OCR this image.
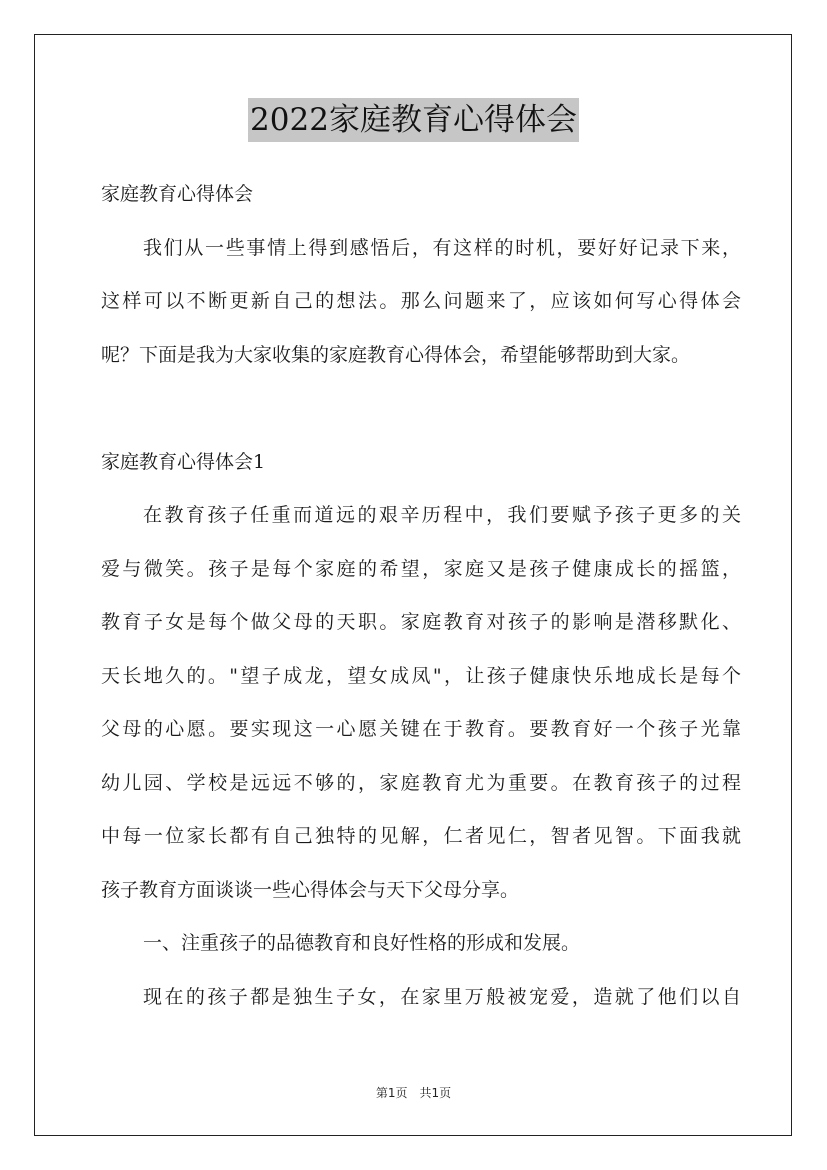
2022家庭教育心得体会
家庭教育心得体会
我们从一些事情上得到感悟后，有这样的时机，要好好记录下来，
这样可以不断更新自己的想法。那么问题来了，应该如何写心得体会
呢？下面是我为大家收集的家庭教育心得体会，希望能够帮助到大家。
家庭教育心得体会1
在教育孩子任重而道远的艰辛历程中，我们要赋予孩子更多的关
爱与微笑。孩子是每个家庭的希望，家庭又是孩子健康成长的摇篮，
教育子女是每个做父母的天职。家庭教育对孩子的影响是潜移默化、
天长地久的。"望子成龙，望女成凤"，让孩子健康快乐地成长是每个
父母的心愿。要实现这一心愿关键在于教育。要教育好一个孩子光靠
幼儿园、学校是远远不够的，家庭教育尤为重要。在教育孩子的过程
中每一位家长都有自己独特的见解，仁者见仁，智者见智。下面我就
孩子教育方面谈谈一些心得体会与天下父母分享。
一、注重孩子的品德教育和良好性格的形成和发展。
现在的孩子都是独生子女，在家里万般被宠爱，造就了他们以自
第1页　共1页
